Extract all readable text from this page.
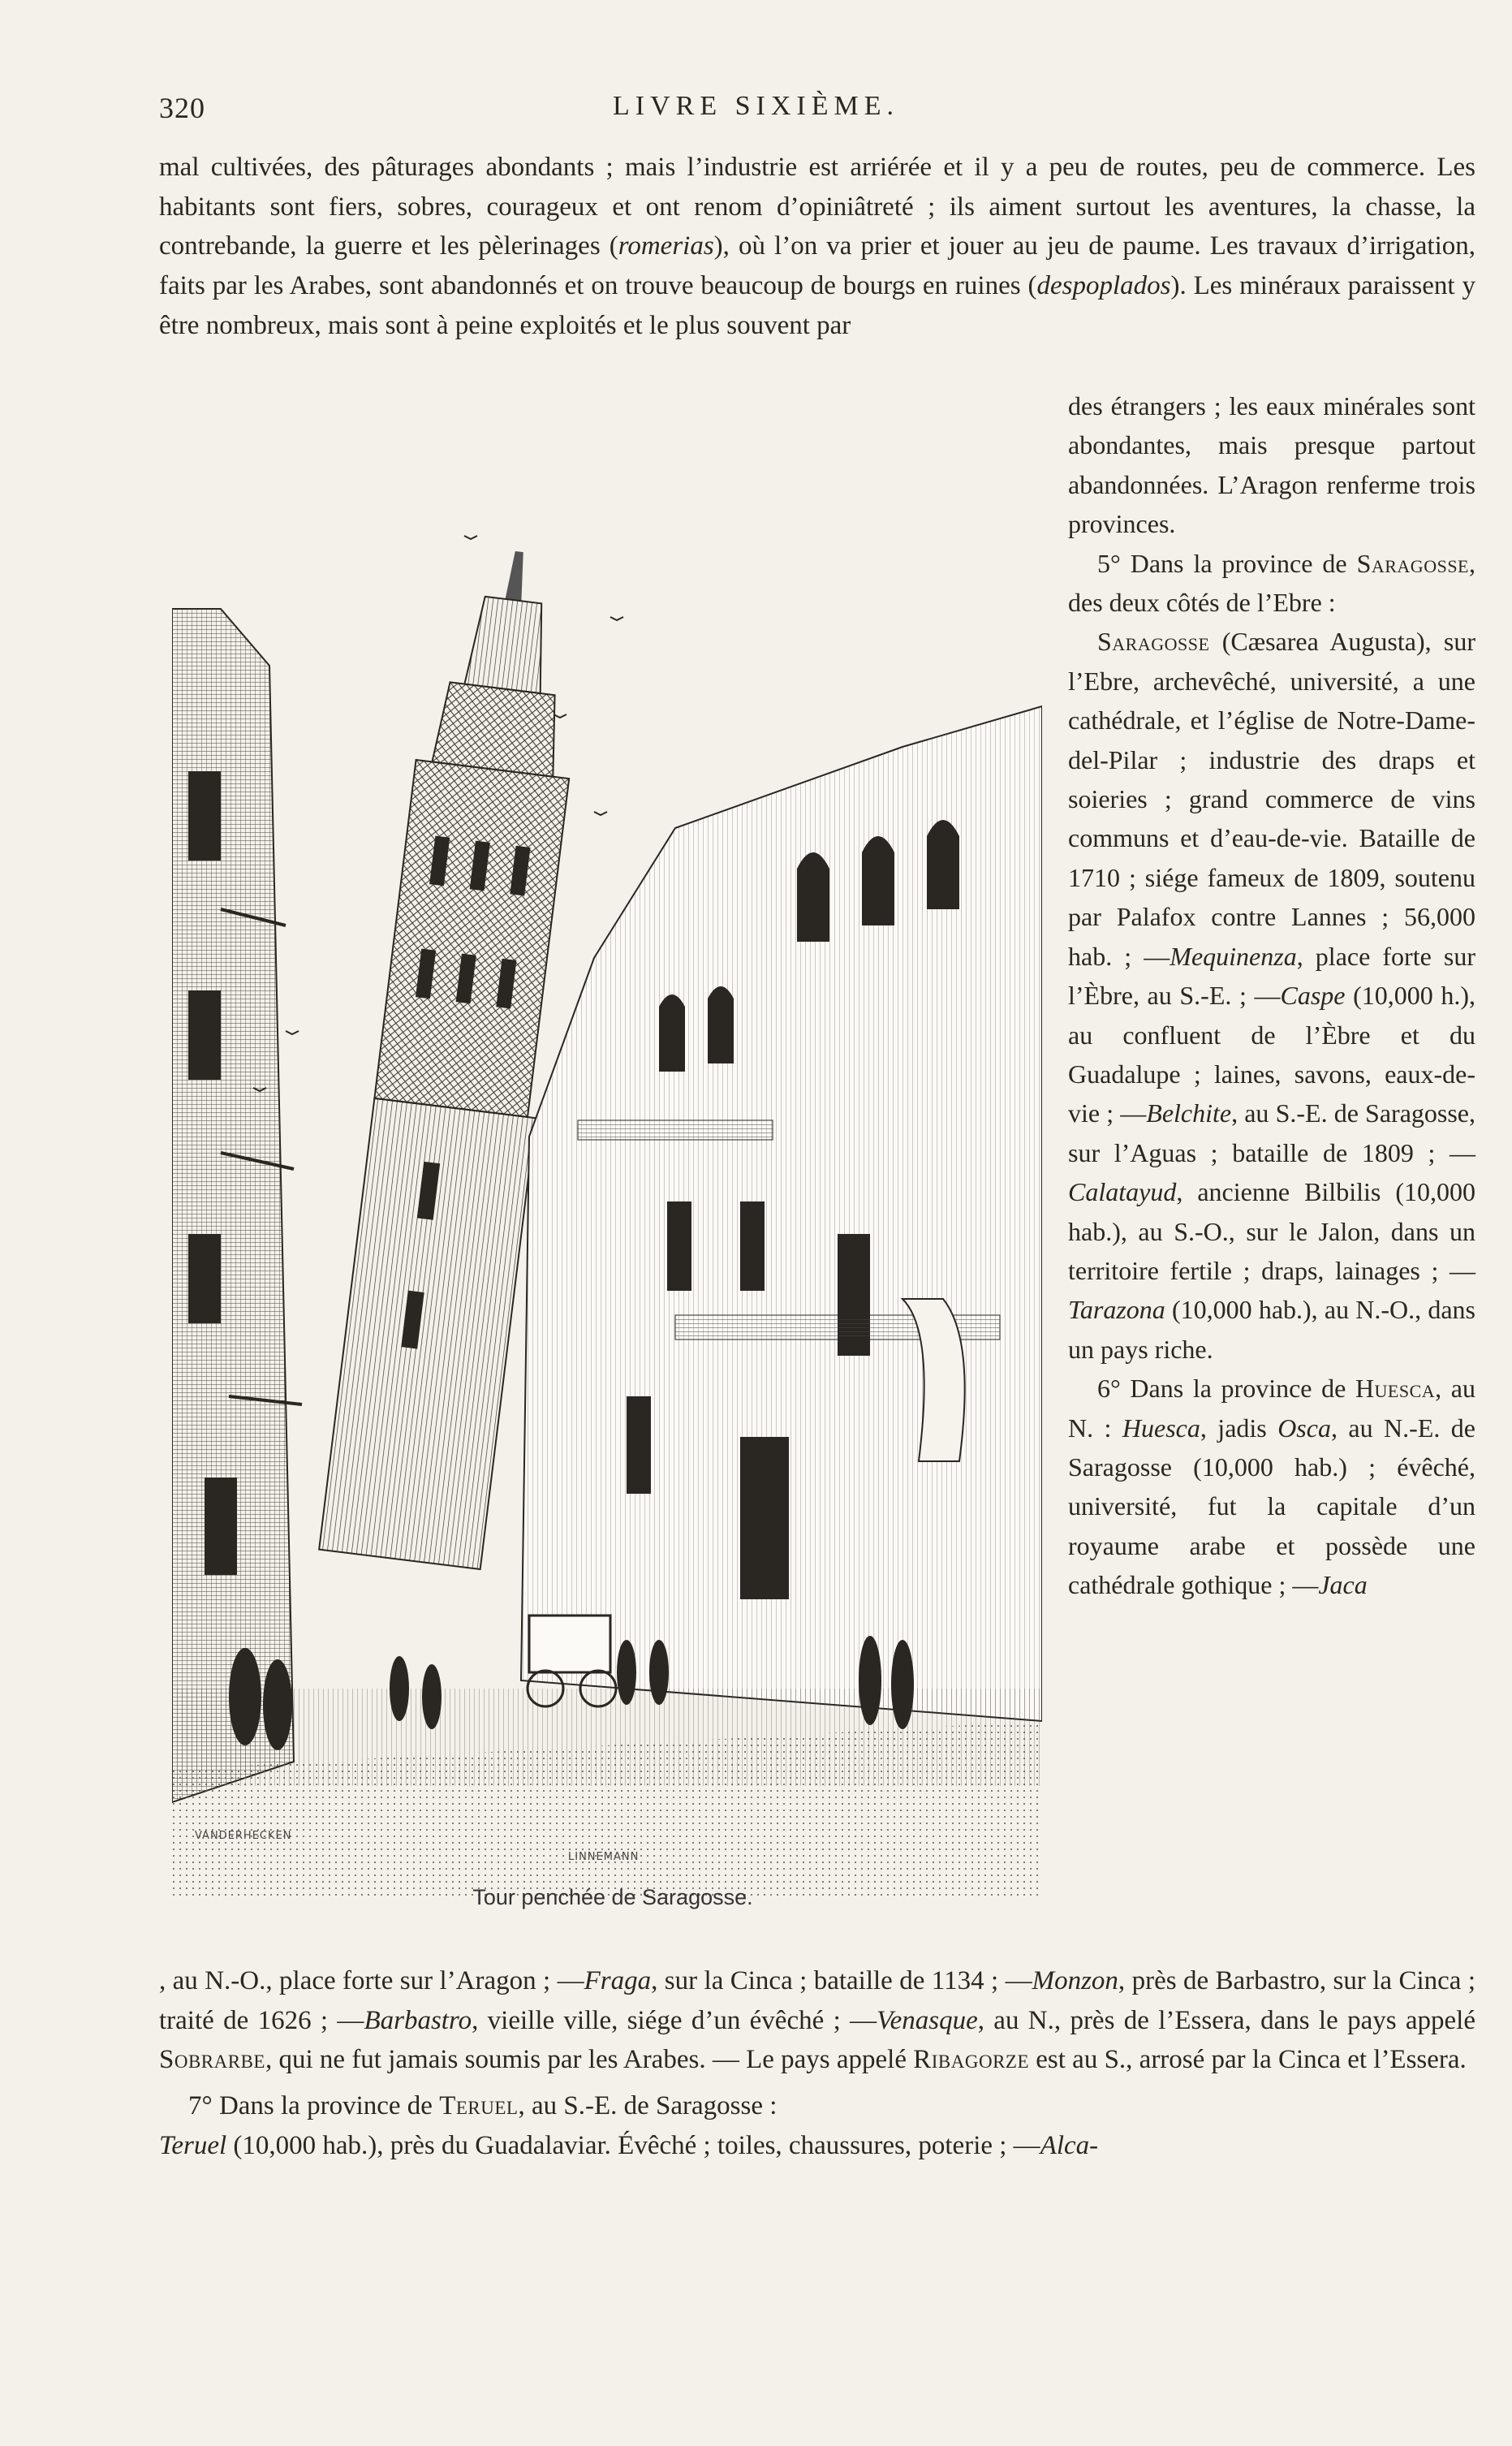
320	LIVRE SIXIÈME.

mal cultivées, des pâturages abondants ; mais l’industrie est arriérée et il y a peu de routes, peu de commerce. Les habitants sont fiers, sobres, courageux et ont renom d’opiniâtreté ; ils aiment surtout les aventures, la chasse, la contrebande, la guerre et les pèlerinages (romerias), où l’on va prier et jouer au jeu de paume. Les travaux d’irrigation, faits par les Arabes, sont abandonnés et on trouve beaucoup de bourgs en ruines (despoplados). Les minéraux paraissent y être nombreux, mais sont à peine exploités et le plus souvent par

des étrangers ; les eaux minérales sont abondantes, mais presque partout abandonnées. L’Aragon renferme trois provinces.

5° Dans la province de Saragosse, des deux côtés de l’Ebre :

Saragosse (Cæsarea Augusta), sur l’Ebre, archevêché, université, a une cathédrale, et l’église de Notre-Dame-del-Pilar ; industrie des draps et soieries ; grand commerce de vins communs et d’eau-de-vie. Bataille de 1710 ; siége fameux de 1809, soutenu par Palafox contre Lannes ; 56,000 hab. ; —Mequinenza, place forte sur l’Èbre, au S.-E. ; —Caspe (10,000 h.), au confluent de l’Èbre et du Guadalupe ; laines, savons, eaux-de-vie ; —Belchite, au S.-E. de Saragosse, sur l’Aguas ; bataille de 1809 ; —Calatayud, ancienne Bilbilis (10,000 hab.), au S.-O., sur le Jalon, dans un territoire fertile ; draps, lainages ; —Tarazona (10,000 hab.), au N.-O., dans un pays riche.

6° Dans la province de Huesca, au N. : Huesca, jadis Osca, au N.-E. de Saragosse (10,000 hab.) ; évêché, université, fut la capitale d’un royaume arabe et possède une cathédrale gothique ; —Jaca

VANDERHECKEN
LINNEMANN
Tour penchée de Saragosse.

, au N.-O., place forte sur l’Aragon ; —Fraga, sur la Cinca ; bataille de 1134 ; —Monzon, près de Barbastro, sur la Cinca ; traité de 1626 ; —Barbastro, vieille ville, siége d’un évêché ; —Venasque, au N., près de l’Essera, dans le pays appelé Sobrarbe, qui ne fut jamais soumis par les Arabes. — Le pays appelé Ribagorze est au S., arrosé par la Cinca et l’Essera.

7° Dans la province de Teruel, au S.-E. de Saragosse :

Teruel (10,000 hab.), près du Guadalaviar. Évêché ; toiles, chaussures, poterie ; —Alca-
